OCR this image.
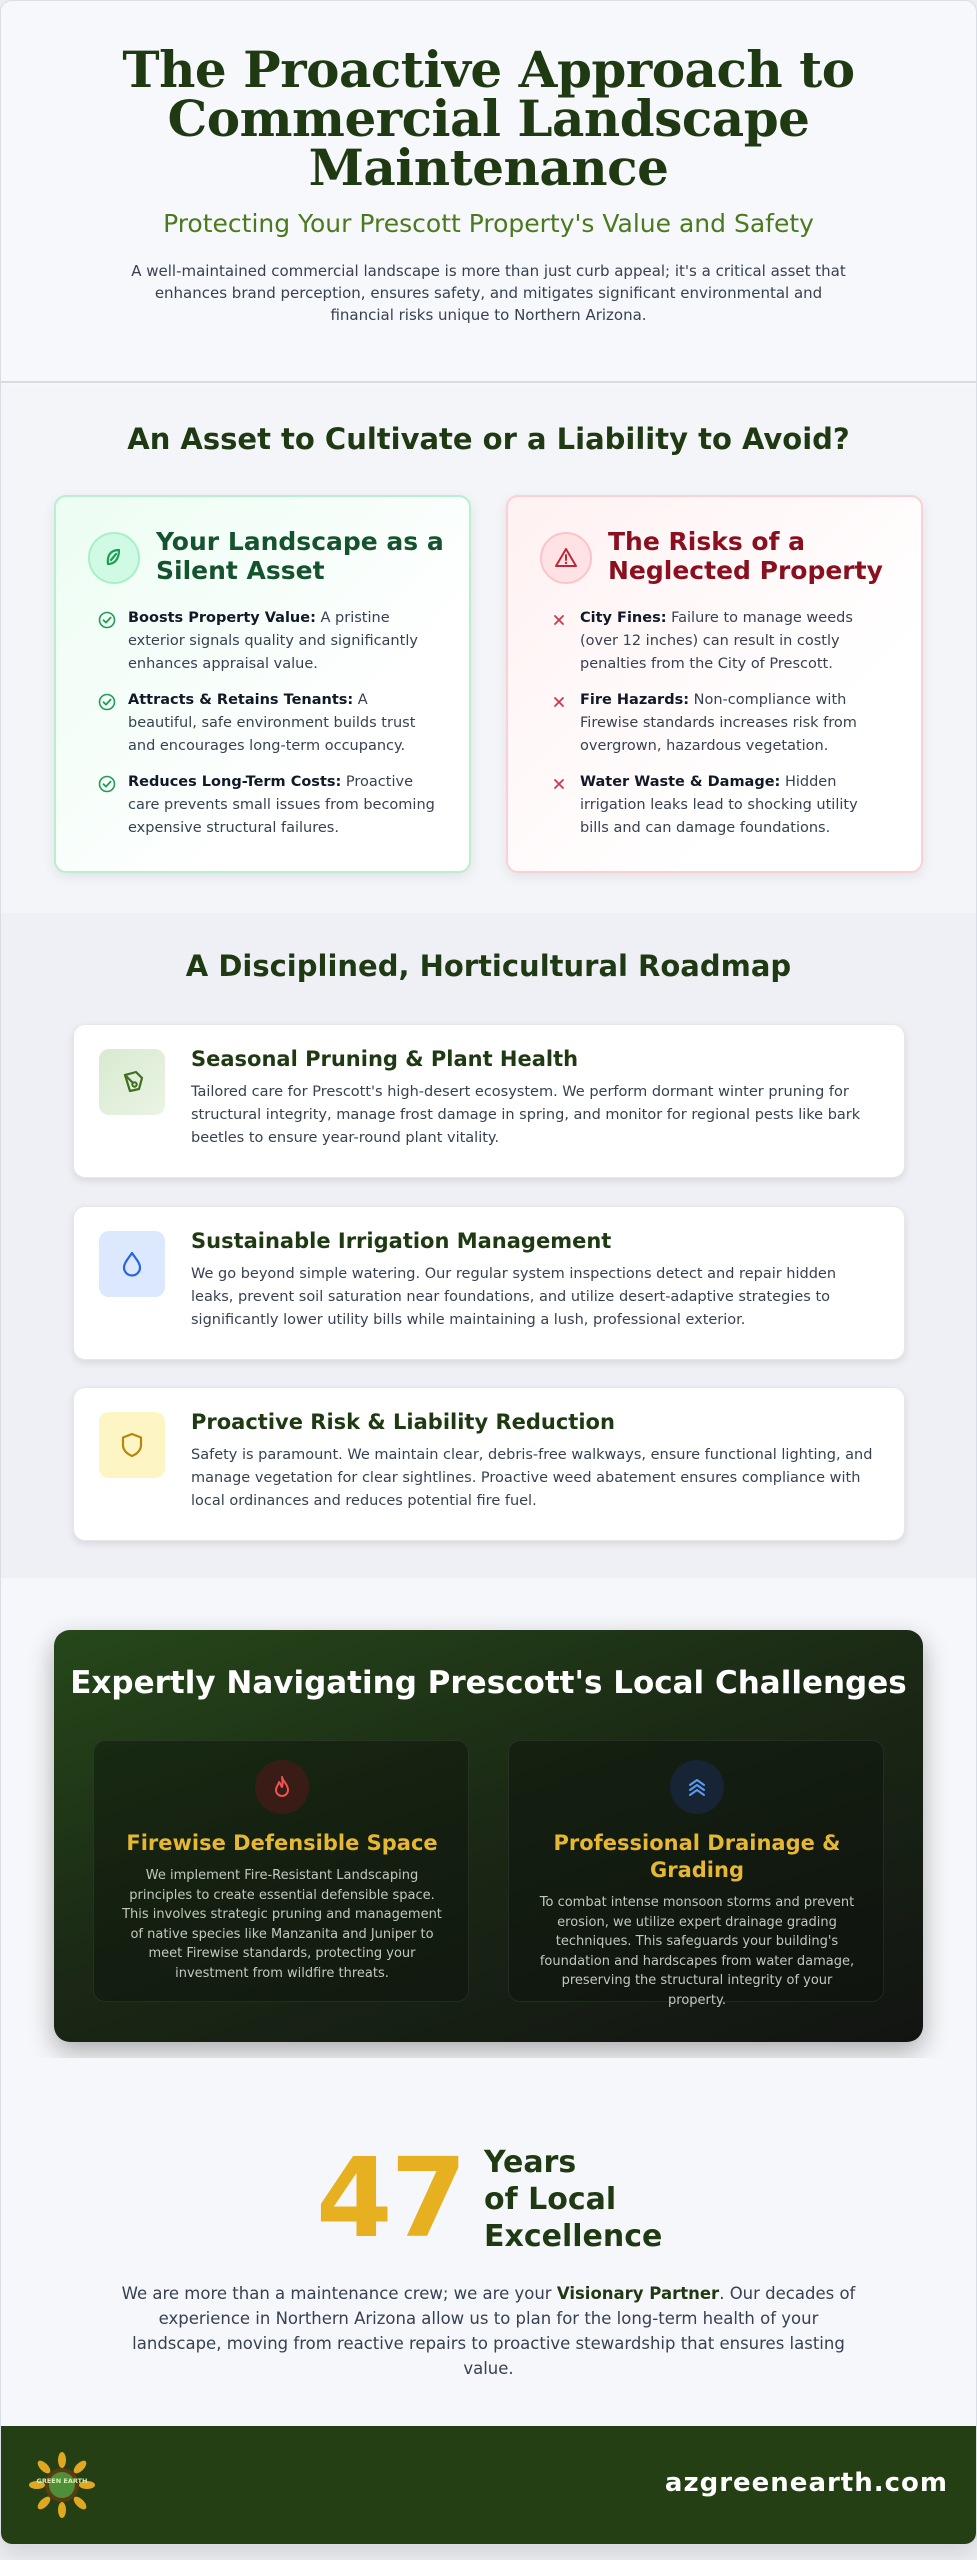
The Proactive Approach to Commercial Landscape Maintenance
Protecting Your Prescott Property's Value and Safety

A well-maintained commercial landscape is more than just curb appeal; it's a critical asset that enhances brand perception, ensures safety, and mitigates significant environmental and financial risks unique to Northern Arizona.

An Asset to Cultivate or a Liability to Avoid?
Your Landscape as a Silent Asset
Boosts Property Value: A pristine exterior signals quality and significantly enhances appraisal value.
Attracts & Retains Tenants: A beautiful, safe environment builds trust and encourages long-term occupancy.
Reduces Long-Term Costs: Proactive care prevents small issues from becoming expensive structural failures.
The Risks of a Neglected Property
City Fines: Failure to manage weeds (over 12 inches) can result in costly penalties from the City of Prescott.
Fire Hazards: Non-compliance with Firewise standards increases risk from overgrown, hazardous vegetation.
Water Waste & Damage: Hidden irrigation leaks lead to shocking utility bills and can damage foundations.
A Disciplined, Horticultural Roadmap
Seasonal Pruning & Plant Health

Tailored care for Prescott's high-desert ecosystem. We perform dormant winter pruning for structural integrity, manage frost damage in spring, and monitor for regional pests like bark beetles to ensure year-round plant vitality.

Sustainable Irrigation Management

We go beyond simple watering. Our regular system inspections detect and repair hidden leaks, prevent soil saturation near foundations, and utilize desert-adaptive strategies to significantly lower utility bills while maintaining a lush, professional exterior.

Proactive Risk & Liability Reduction

Safety is paramount. We maintain clear, debris-free walkways, ensure functional lighting, and manage vegetation for clear sightlines. Proactive weed abatement ensures compliance with local ordinances and reduces potential fire fuel.

Expertly Navigating Prescott's Local Challenges
Firewise Defensible Space

We implement Fire-Resistant Landscaping principles to create essential defensible space. This involves strategic pruning and management of native species like Manzanita and Juniper to meet Firewise standards, protecting your investment from wildfire threats.

Professional Drainage & Grading

To combat intense monsoon storms and prevent erosion, we utilize expert drainage grading techniques. This safeguards your building's foundation and hardscapes from water damage, preserving the structural integrity of your property.

47 Years
of Local
Excellence

We are more than a maintenance crew; we are your Visionary Partner. Our decades of experience in Northern Arizona allow us to plan for the long-term health of your landscape, moving from reactive repairs to proactive stewardship that ensures lasting value.

GREEN EARTH	azgreenearth.com
